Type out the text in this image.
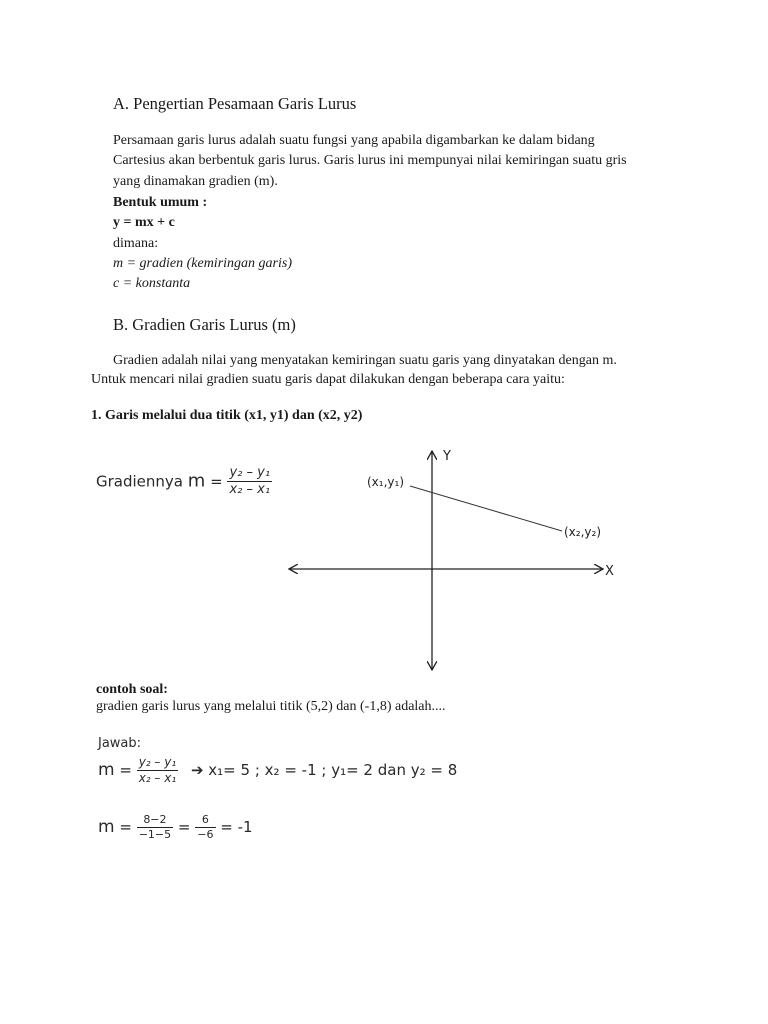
A. Pengertian Pesamaan Garis Lurus
Persamaan garis lurus adalah suatu fungsi yang apabila digambarkan ke dalam bidang
Cartesius akan berbentuk garis lurus. Garis lurus ini mempunyai nilai kemiringan suatu gris
yang dinamakan gradien (m).
Bentuk umum :
y = mx + c
dimana:
m = gradien (kemiringan garis)
c = konstanta
B. Gradien Garis Lurus (m)
Gradien adalah nilai yang menyatakan kemiringan suatu garis yang dinyatakan dengan m.
Untuk mencari nilai gradien suatu garis dapat dilakukan dengan beberapa cara yaitu:
1. Garis melalui dua titik (x1, y1) dan (x2, y2)
Gradiennya $m = \frac{\text{y₂ – y₁}}{\text{x₂ – x₁}}$
Y
X
(x₁,y₁)
(x₂,y₂)
contoh soal:
gradien garis lurus yang melalui titik (5,2) dan (-1,8) adalah....
Jawab:
$m = \frac{\text{y₂ – y₁}}{\text{x₂ – x₁}}$ ➔ x₁= 5 ; x₂ = -1 ; y₁= 2 dan y₂ = 8
$m = \frac{8-2}{-1-5} = \frac{6}{-6} = -1$
